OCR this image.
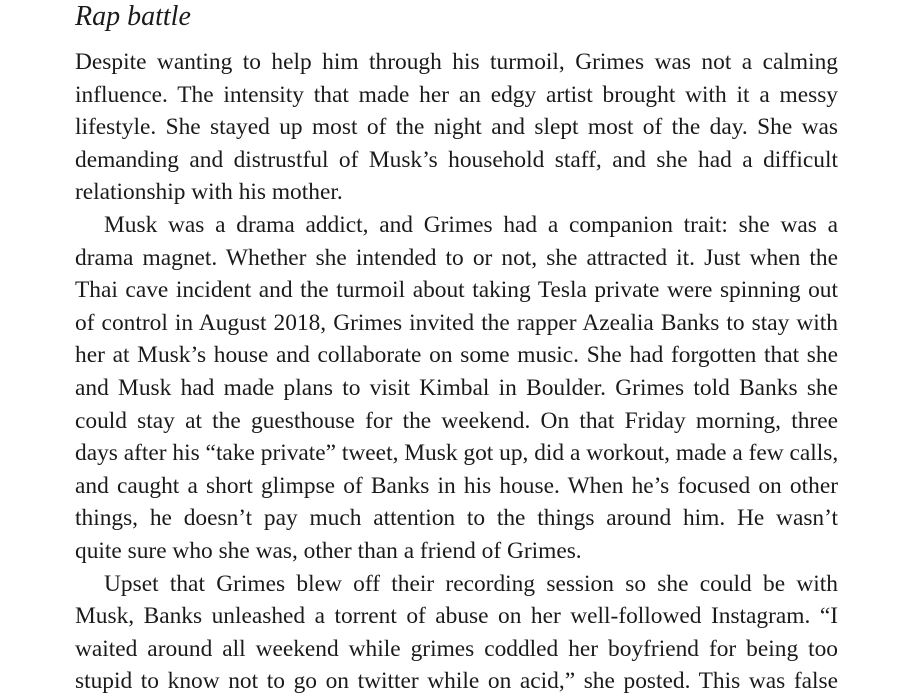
Rap battle

Despite wanting to help him through his turmoil, Grimes was not a calming
influence. The intensity that made her an edgy artist brought with it a messy
lifestyle. She stayed up most of the night and slept most of the day. She was
demanding and distrustful of Musk’s household staff, and she had a difficult
relationship with his mother.

Musk was a drama addict, and Grimes had a companion trait: she was a
drama magnet. Whether she intended to or not, she attracted it. Just when the
Thai cave incident and the turmoil about taking Tesla private were spinning out
of control in August 2018, Grimes invited the rapper Azealia Banks to stay with
her at Musk’s house and collaborate on some music. She had forgotten that she
and Musk had made plans to visit Kimbal in Boulder. Grimes told Banks she
could stay at the guesthouse for the weekend. On that Friday morning, three
days after his “take private” tweet, Musk got up, did a workout, made a few calls,
and caught a short glimpse of Banks in his house. When he’s focused on other
things, he doesn’t pay much attention to the things around him. He wasn’t
quite sure who she was, other than a friend of Grimes.

Upset that Grimes blew off their recording session so she could be with
Musk, Banks unleashed a torrent of abuse on her well-followed Instagram. “I
waited around all weekend while grimes coddled her boyfriend for being too
stupid to know not to go on twitter while on acid,” she posted. This was false
